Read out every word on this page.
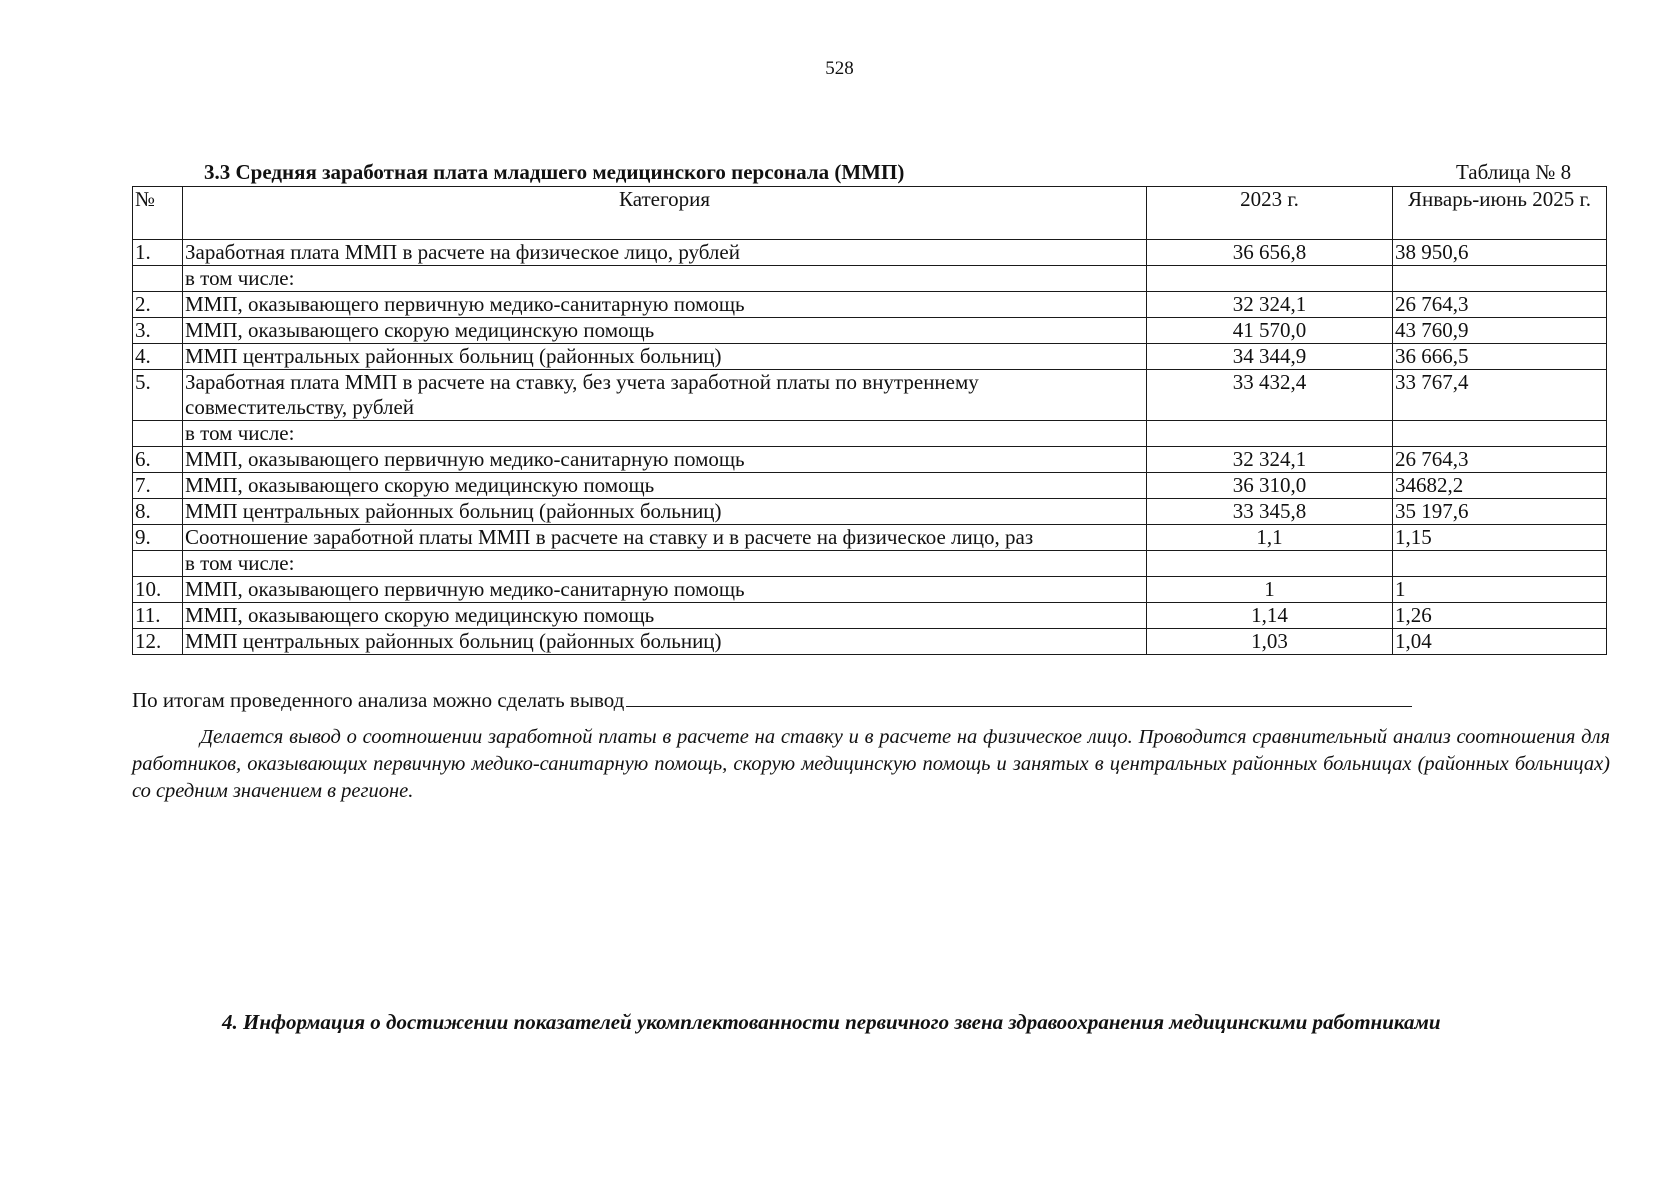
528
3.3 Средняя заработная плата младшего медицинского персонала (ММП)	Таблица № 8
№	Категория	2023 г.	Январь-июнь 2025 г.
1.	Заработная плата ММП в расчете на физическое лицо, рублей	36 656,8	38 950,6
	в том числе:		
2.	ММП, оказывающего первичную медико-санитарную помощь	32 324,1	26 764,3
3.	ММП, оказывающего скорую медицинскую помощь	41 570,0	43 760,9
4.	ММП центральных районных больниц (районных больниц)	34 344,9	36 666,5
5.	Заработная плата ММП в расчете на ставку, без учета заработной платы по внутреннему совместительству, рублей	33 432,4	33 767,4
	в том числе:		
6.	ММП, оказывающего первичную медико-санитарную помощь	32 324,1	26 764,3
7.	ММП, оказывающего скорую медицинскую помощь	36 310,0	34682,2
8.	ММП центральных районных больниц (районных больниц)	33 345,8	35 197,6
9.	Соотношение заработной платы ММП в расчете на ставку и в расчете на физическое лицо, раз	1,1	1,15
	в том числе:		
10.	ММП, оказывающего первичную медико-санитарную помощь	1	1
11.	ММП, оказывающего скорую медицинскую помощь	1,14	1,26
12.	ММП центральных районных больниц (районных больниц)	1,03	1,04
По итогам проведенного анализа можно сделать вывод
Делается вывод о соотношении заработной платы в расчете на ставку и в расчете на физическое лицо. Проводится сравнительный анализ соотношения для работников, оказывающих первичную медико-санитарную помощь, скорую медицинскую помощь и занятых в центральных районных больницах (районных больницах) со средним значением в регионе.
4. Информация о достижении показателей укомплектованности первичного звена здравоохранения медицинскими работниками
